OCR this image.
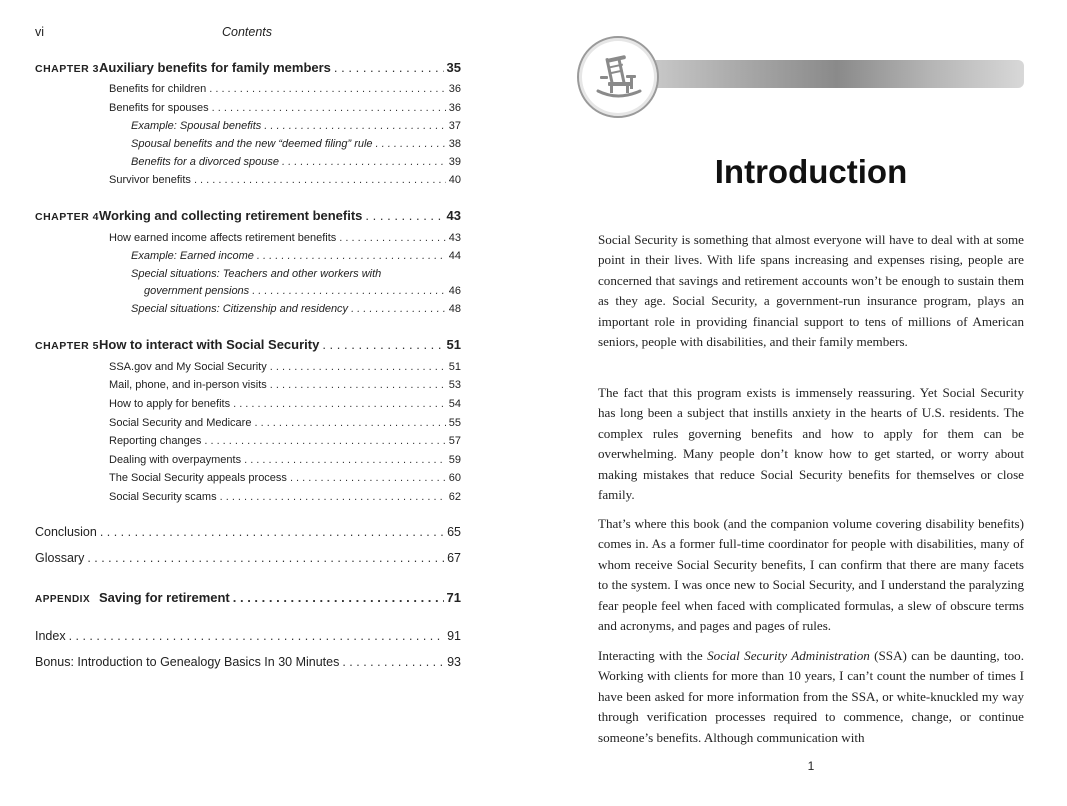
vi	Contents
CHAPTER 3 Auxiliary benefits for family members . . .	35
Benefits for children . . .	36
Benefits for spouses . . .	36
Example: Spousal benefits . . .	37
Spousal benefits and the new “deemed filing” rule . . .	38
Benefits for a divorced spouse . . .	39
Survivor benefits . . .	40
CHAPTER 4 Working and collecting retirement benefits . . .	43
How earned income affects retirement benefits . . .	43
Example: Earned income . . .	44
Special situations: Teachers and other workers with
government pensions . . .	46
Special situations: Citizenship and residency . . .	48
CHAPTER 5 How to interact with Social Security . . .	51
SSA.gov and My Social Security . . .	51
Mail, phone, and in-person visits . . .	53
How to apply for benefits . . .	54
Social Security and Medicare . . .	55
Reporting changes . . .	57
Dealing with overpayments . . .	59
The Social Security appeals process . . .	60
Social Security scams . . .	62
Conclusion . . .	65
Glossary . . .	67
APPENDIX Saving for retirement . . .	71
Index . . .	91
Bonus: Introduction to Genealogy Basics In 30 Minutes . . .	93
Introduction

Social Security is something that almost everyone will have to deal with at some point in their lives. With life spans increasing and expenses rising, people are concerned that savings and retirement accounts won’t be enough to sustain them as they age. Social Security, a government-run insurance program, plays an important role in providing financial support to tens of millions of American seniors, people with disabilities, and their family members.

The fact that this program exists is immensely reassuring. Yet Social Security has long been a subject that instills anxiety in the hearts of U.S. residents. The complex rules governing benefits and how to apply for them can be overwhelming. Many people don’t know how to get started, or worry about making mistakes that reduce Social Security benefits for themselves or close family.

That’s where this book (and the companion volume covering disability benefits) comes in. As a former full-time coordinator for people with disabilities, many of whom receive Social Security benefits, I can confirm that there are many facets to the system. I was once new to Social Security, and I understand the paralyzing fear people feel when faced with complicated formulas, a slew of obscure terms and acronyms, and pages and pages of rules.

Interacting with the Social Security Administration (SSA) can be daunting, too. Working with clients for more than 10 years, I can’t count the number of times I have been asked for more information from the SSA, or white-knuckled my way through verification processes required to commence, change, or continue someone’s benefits. Although communication with

1
